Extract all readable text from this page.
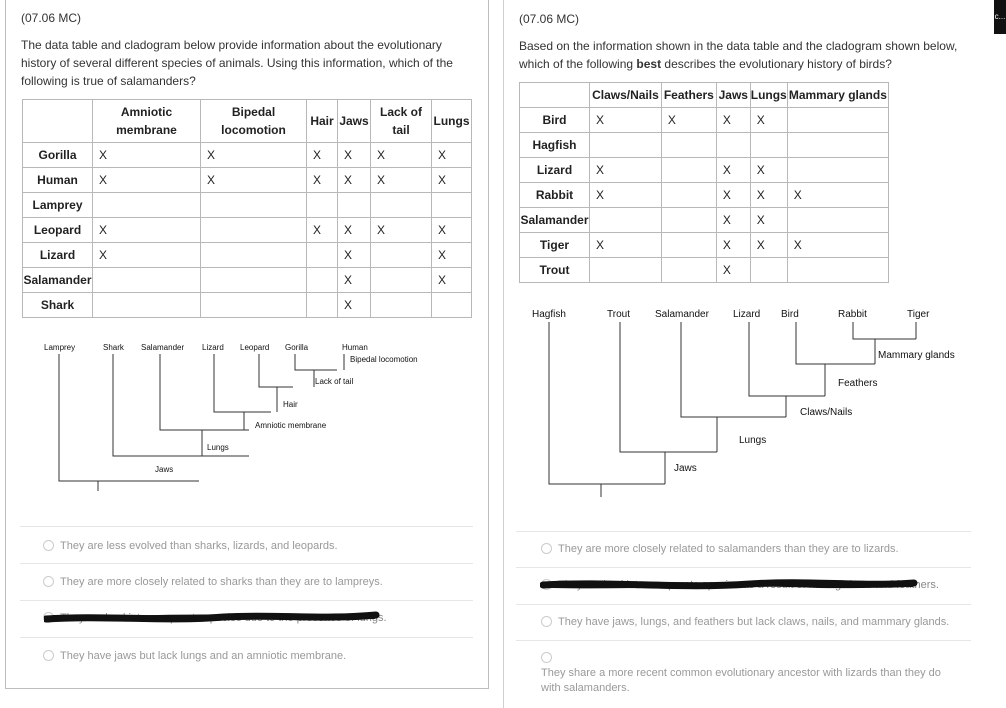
(07.06 MC)
The data table and cladogram below provide information about the evolutionary history of several different species of animals. Using this information, which of the following is true of salamanders?
	Amniotic membrane	Bipedal locomotion	Hair	Jaws	Lack of tail	Lungs
Gorilla	X	X	X	X	X	X
Human	X	X	X	X	X	X
Lamprey						
Leopard	X		X	X	X	X
Lizard	X			X		X
Salamander				X		X
Shark				X		
Lamprey	Shark Salamander Lizard Leopard Gorilla	Human
Bipedal locomotion
Lack of tail
Hair
Amniotic membrane
Lungs
Jaws
They are less evolved than sharks, lizards, and leopards.
They are more closely related to sharks than they are to lampreys.
They evolved into a separate species due to the presence of lungs.
They have jaws but lack lungs and an amniotic membrane.
(07.06 MC)
Based on the information shown in the data table and the cladogram shown below, which of the following best describes the evolutionary history of birds?
	Claws/Nails	Feathers	Jaws	Lungs	Mammary glands
Bird	X	X	X	X	
Hagfish					
Lizard	X		X	X	
Rabbit	X		X	X	X
Salamander			X	X	
Tiger	X		X	X	X
Trout			X		
Hagfish	Trout	Salamander Lizard Bird	Rabbit	Tiger
Mammary glands
Feathers
Claws/Nails
Lungs
Jaws
They are more closely related to salamanders than they are to lizards.
They evolved into a separate species as a result of having claws and feathers.
They have jaws, lungs, and feathers but lack claws, nails, and mammary glands.

They share a more recent common evolutionary ancestor with lizards than they do with salamanders.
c...
